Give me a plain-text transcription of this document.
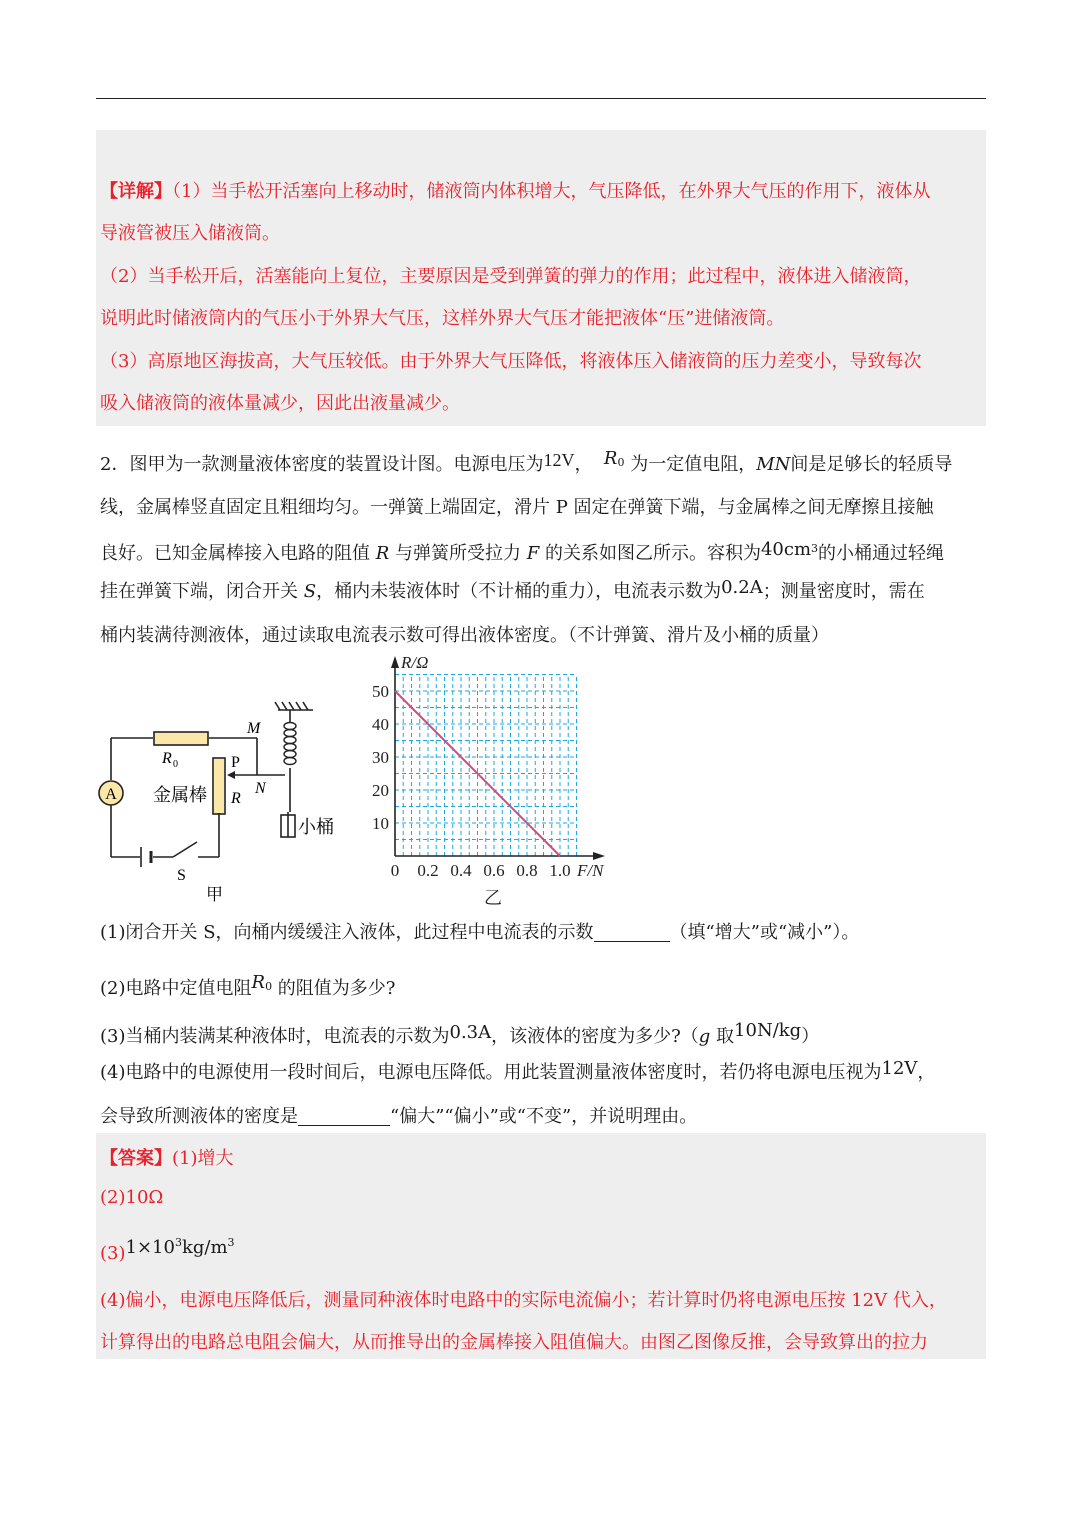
【详解】（1）当手松开活塞向上移动时，储液筒内体积增大，气压降低，在外界大气压的作用下，液体从
导液管被压入储液筒。
（2）当手松开后，活塞能向上复位，主要原因是受到弹簧的弹力的作用；此过程中，液体进入储液筒，
说明此时储液筒内的气压小于外界大气压，这样外界大气压才能把液体“压”进储液筒。
（3）高原地区海拔高，大气压较低。由于外界大气压降低，将液体压入储液筒的压力差变小，导致每次
吸入储液筒的液体量减少，因此出液量减少。
2．图甲为一款测量液体密度的装置设计图。电源电压为12V， $R_0$ 为一定值电阻，MN间是足够长的轻质导
线，金属棒竖直固定且粗细均匀。一弹簧上端固定，滑片 P 固定在弹簧下端，与金属棒之间无摩擦且接触
良好。已知金属棒接入电路的阻值 R 与弹簧所受拉力 F 的关系如图乙所示。容积为$40cm^3$的小桶通过轻绳
挂在弹簧下端，闭合开关 S，桶内未装液体时（不计桶的重力），电流表示数为0.2A；测量密度时，需在
桶内装满待测液体，通过读取电流表示数可得出液体密度。（不计弹簧、滑片及小桶的质量）
A
R 0
M
N
P
金属棒 R
小桶
S
甲
10
20
30
40
50
0.2 0.4 0.6 0.8 1.0
0
R/Ω
F/N
乙
(1)闭合开关 S，向桶内缓缓注入液体，此过程中电流表的示数	（填“增大”或“减小”）。
(2)电路中定值电阻$R_0$ 的阻值为多少?
(3)当桶内装满某种液体时，电流表的示数为0.3A，该液体的密度为多少?（g 取10N/kg）
(4)电路中的电源使用一段时间后，电源电压降低。用此装置测量液体密度时，若仍将电源电压视为12V，
会导致所测液体的密度是	“偏大”“偏小”或“不变”，并说明理由。
【答案】(1)增大
(2)10Ω
$(3)1\times 10^3kg/m^3$
(4)偏小，电源电压降低后，测量同种液体时电路中的实际电流偏小；若计算时仍将电源电压按 12V 代入，
计算得出的电路总电阻会偏大，从而推导出的金属棒接入阻值偏大。由图乙图像反推，会导致算出的拉力
